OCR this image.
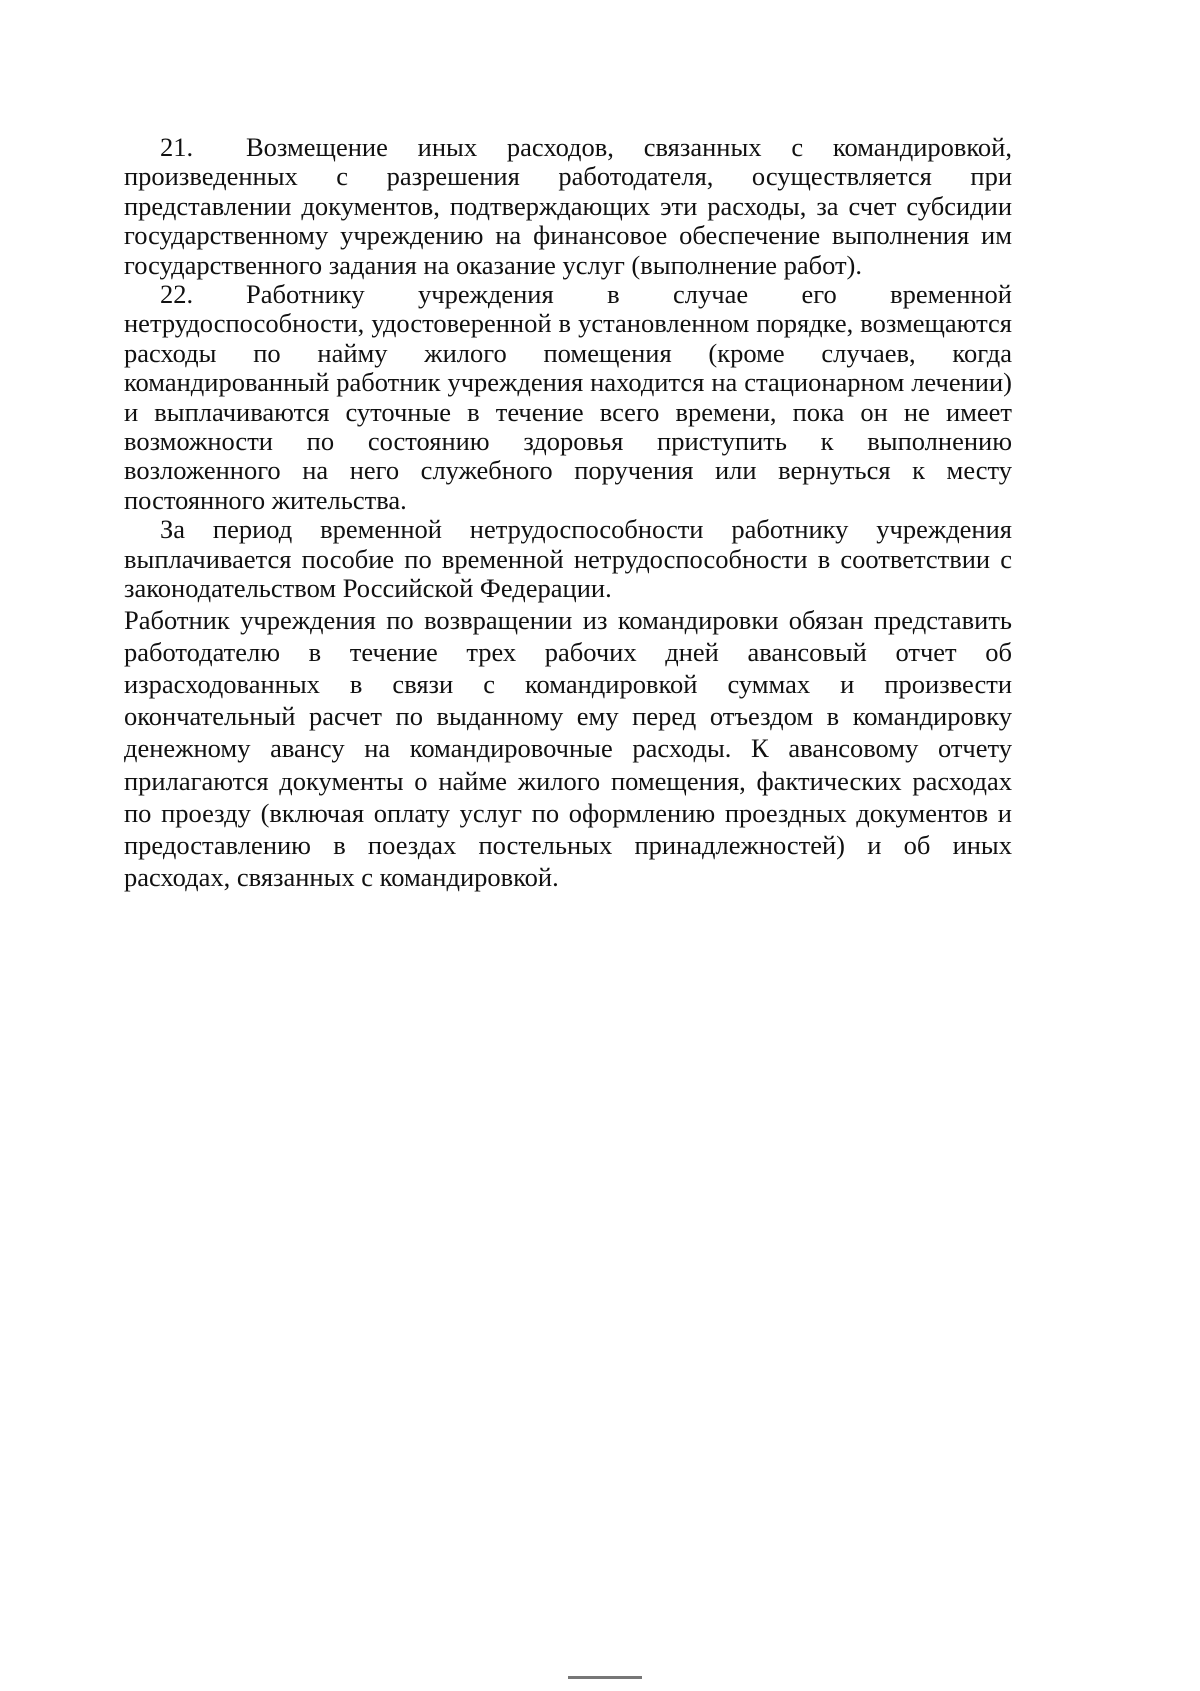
21. Возмещение иных расходов, связанных с командировкой, произведенных с разрешения работодателя, осуществляется при представлении документов, подтверждающих эти расходы, за счет субсидии государственному учреждению на финансовое обеспечение выполнения им государственного задания на оказание услуг (выполнение работ).

22. Работнику учреждения в случае его временной нетрудоспособности, удостоверенной в установленном порядке, возмещаются расходы по найму жилого помещения (кроме случаев, когда командированный работник учреждения находится на стационарном лечении) и выплачиваются суточные в течение всего времени, пока он не имеет возможности по состоянию здоровья приступить к выполнению возложенного на него служебного поручения или вернуться к месту постоянного жительства.

За период временной нетрудоспособности работнику учреждения выплачивается пособие по временной нетрудоспособности в соответствии с законодательством Российской Федерации.

Работник учреждения по возвращении из командировки обязан представить работодателю в течение трех рабочих дней авансовый отчет об израсходованных в связи с командировкой суммах и произвести окончательный расчет по выданному ему перед отъездом в командировку денежному авансу на командировочные расходы. К авансовому отчету прилагаются документы о найме жилого помещения, фактических расходах по проезду (включая оплату услуг по оформлению проездных документов и предоставлению в поездах постельных принадлежностей) и об иных расходах, связанных с командировкой.
